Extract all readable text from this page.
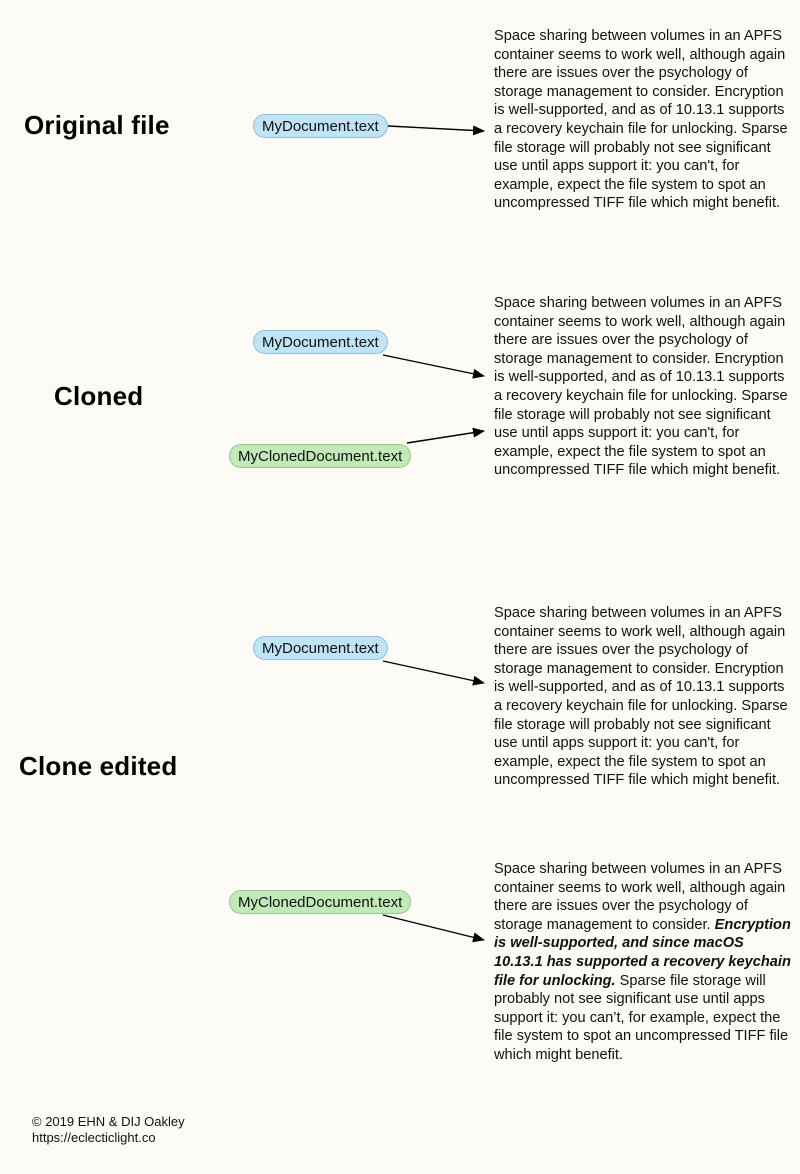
Original file
Cloned
Clone edited
MyDocument.text
MyDocument.text
MyClonedDocument.text
MyDocument.text
MyClonedDocument.text
Space sharing between volumes in an APFS container seems to work well, although again there are issues over the psychology of storage management to consider. Encryption is well-supported, and as of 10.13.1 supports a recovery keychain file for unlocking. Sparse file storage will probably not see significant use until apps support it: you can't, for example, expect the file system to spot an uncompressed TIFF file which might benefit.
Space sharing between volumes in an APFS container seems to work well, although again there are issues over the psychology of storage management to consider. Encryption is well-supported, and as of 10.13.1 supports a recovery keychain file for unlocking. Sparse file storage will probably not see significant use until apps support it: you can't, for example, expect the file system to spot an uncompressed TIFF file which might benefit.
Space sharing between volumes in an APFS container seems to work well, although again there are issues over the psychology of storage management to consider. Encryption is well-supported, and as of 10.13.1 supports a recovery keychain file for unlocking. Sparse file storage will probably not see significant use until apps support it: you can't, for example, expect the file system to spot an uncompressed TIFF file which might benefit.
Space sharing between volumes in an APFS container seems to work well, although again there are issues over the psychology of storage management to consider. Encryption is well-supported, and since macOS 10.13.1 has supported a recovery keychain file for unlocking. Sparse file storage will probably not see significant use until apps support it: you can’t, for example, expect the file system to spot an uncompressed TIFF file which might benefit.
© 2019 EHN & DIJ Oakley
https://eclecticlight.co
